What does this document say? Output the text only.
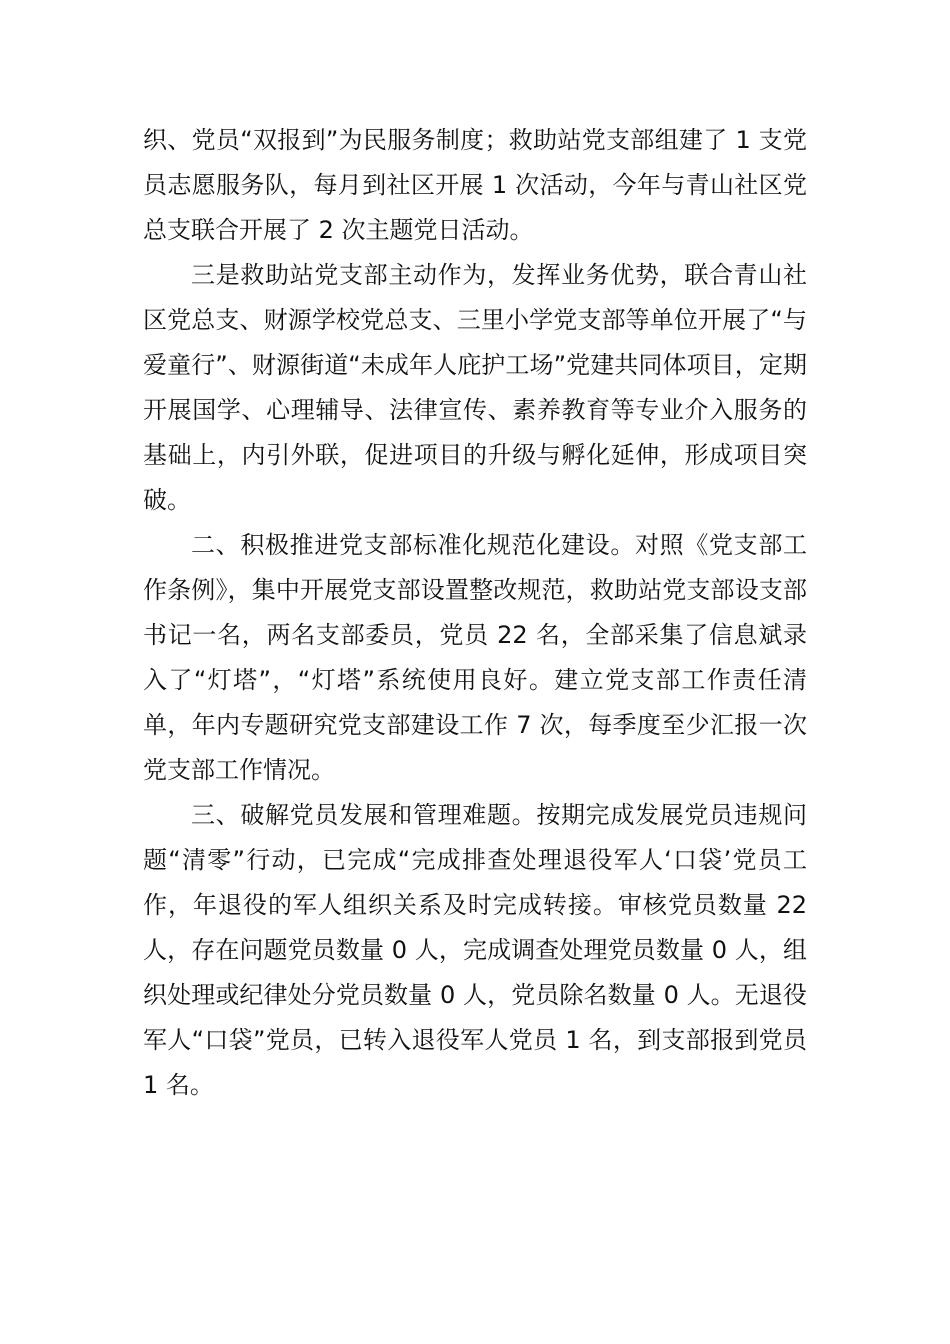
织、党员“双报到”为民服务制度；救助站党支部组建了 1 支党员志愿服务队，每月到社区开展 1 次活动，今年与青山社区党总支联合开展了 2 次主题党日活动。

三是救助站党支部主动作为，发挥业务优势，联合青山社区党总支、财源学校党总支、三里小学党支部等单位开展了“与爱童行”、财源街道“未成年人庇护工场”党建共同体项目，定期开展国学、心理辅导、法律宣传、素养教育等专业介入服务的基础上，内引外联，促进项目的升级与孵化延伸，形成项目突破。

二、积极推进党支部标准化规范化建设。对照《党支部工作条例》，集中开展党支部设置整改规范，救助站党支部设支部书记一名，两名支部委员，党员 22 名，全部采集了信息斌录入了“灯塔”，“灯塔”系统使用良好。建立党支部工作责任清单，年内专题研究党支部建设工作 7 次，每季度至少汇报一次党支部工作情况。

三、破解党员发展和管理难题。按期完成发展党员违规问题“清零”行动，已完成“完成排查处理退役军人‘口袋’党员工作，年退役的军人组织关系及时完成转接。审核党员数量 22 人，存在问题党员数量 0 人，完成调查处理党员数量 0 人，组织处理或纪律处分党员数量 0 人，党员除名数量 0 人。无退役军人“口袋”党员，已转入退役军人党员 1 名，到支部报到党员 1 名。
